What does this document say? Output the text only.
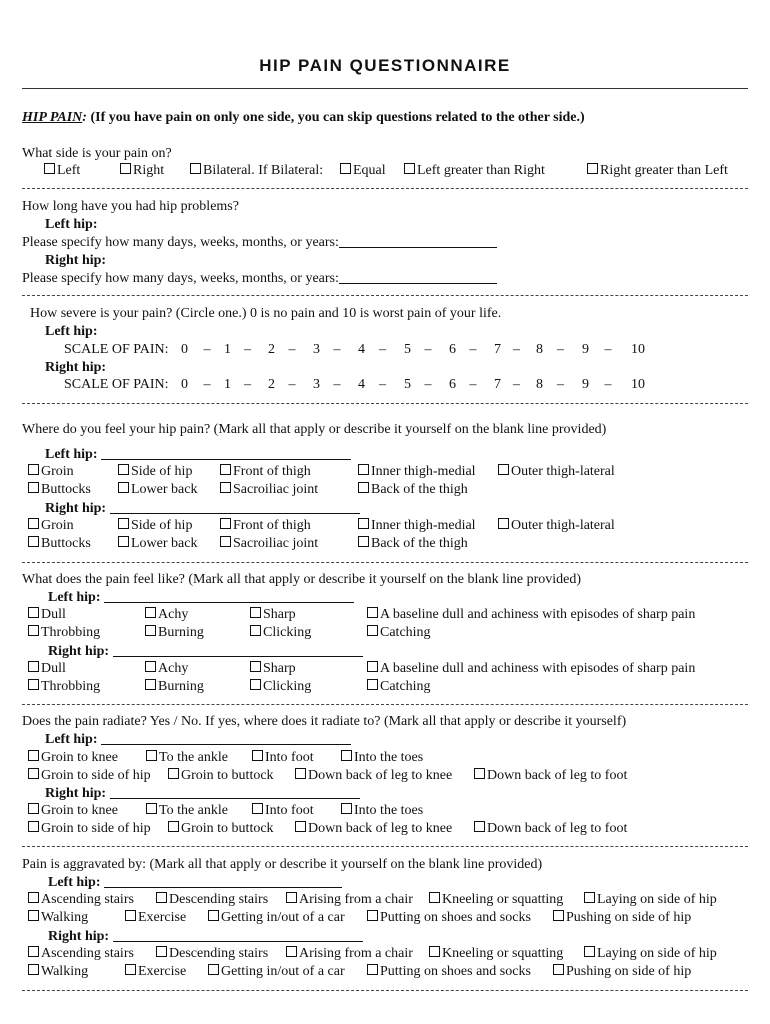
HIP PAIN QUESTIONNAIRE
HIP PAIN: (If you have pain on only one side, you can skip questions related to the other side.)
What side is your pain on?
Left	Right	Bilateral. If Bilateral:	Equal	Left greater than Right	Right greater than Left
How long have you had hip problems?
Left hip:
Please specify how many days, weeks, months, or years:
Right hip:
Please specify how many days, weeks, months, or years:
How severe is your pain? (Circle one.) 0 is no pain and 10 is worst pain of your life.
Left hip:
SCALE OF PAIN: 0 – 1 – 2 – 3 – 4 – 5 – 6 – 7 – 8 – 9 – 10
Right hip:
SCALE OF PAIN: 0 – 1 – 2 – 3 – 4 – 5 – 6 – 7 – 8 – 9 – 10
Where do you feel your hip pain? (Mark all that apply or describe it yourself on the blank line provided)
Left hip:
Groin	Side of hip	Front of thigh	Inner thigh-medial	Outer thigh-lateral
Buttocks	Lower back	Sacroiliac joint	Back of the thigh
Right hip:
Groin	Side of hip	Front of thigh	Inner thigh-medial	Outer thigh-lateral
Buttocks	Lower back	Sacroiliac joint	Back of the thigh
What does the pain feel like? (Mark all that apply or describe it yourself on the blank line provided)
Left hip:
Dull	Achy	Sharp	A baseline dull and achiness with episodes of sharp pain
Throbbing	Burning	Clicking	Catching
Right hip:
Dull	Achy	Sharp	A baseline dull and achiness with episodes of sharp pain
Throbbing	Burning	Clicking	Catching
Does the pain radiate? Yes / No. If yes, where does it radiate to? (Mark all that apply or describe it yourself)
Left hip:
Groin to knee	To the ankle	Into foot	Into the toes
Groin to side of hip	Groin to buttock	Down back of leg to knee	Down back of leg to foot
Right hip:
Groin to knee	To the ankle	Into foot	Into the toes
Groin to side of hip	Groin to buttock	Down back of leg to knee	Down back of leg to foot
Pain is aggravated by: (Mark all that apply or describe it yourself on the blank line provided)
Left hip:
Ascending stairs	Descending stairs	Arising from a chair	Kneeling or squatting	Laying on side of hip
Walking	Exercise	Getting in/out of a car	Putting on shoes and socks	Pushing on side of hip
Right hip:
Ascending stairs	Descending stairs	Arising from a chair	Kneeling or squatting	Laying on side of hip
Walking	Exercise	Getting in/out of a car	Putting on shoes and socks	Pushing on side of hip
